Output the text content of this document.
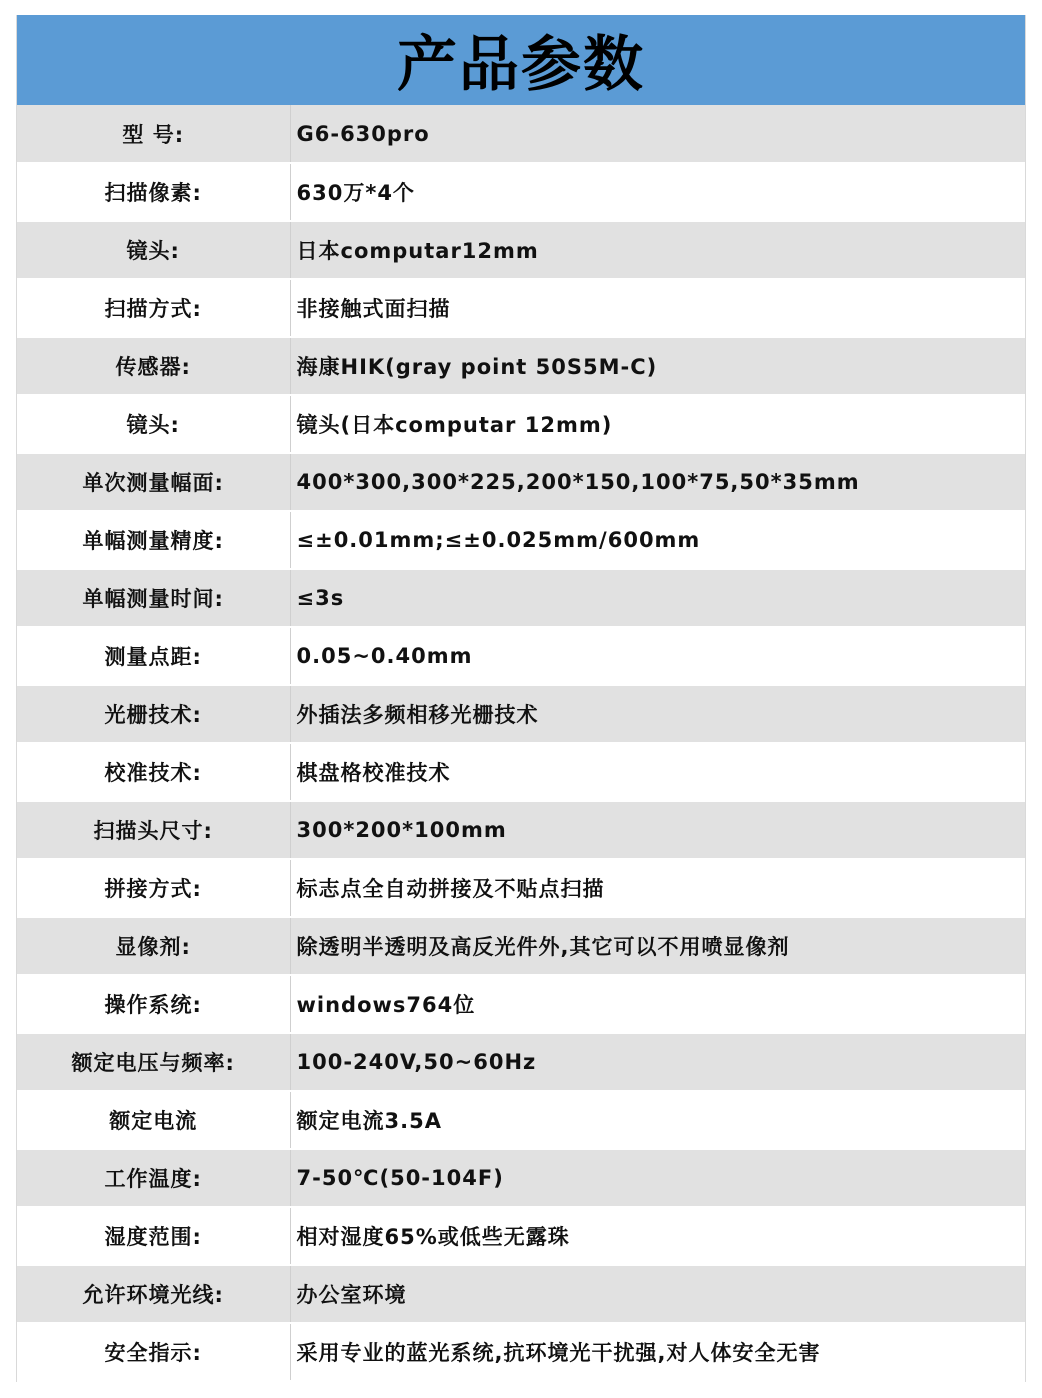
产品参数
型 号:	G6-630pro
扫描像素:	630万*4个
镜头:	日本computar12mm
扫描方式:	非接触式面扫描
传感器:	海康HIK(gray point 50S5M-C)
镜头:	镜头(日本computar 12mm)
单次测量幅面:	400*300,300*225,200*150,100*75,50*35mm
单幅测量精度:	≤±0.01mm;≤±0.025mm/600mm
单幅测量时间:	≤3s
测量点距:	0.05~0.40mm
光栅技术:	外插法多频相移光栅技术
校准技术:	棋盘格校准技术
扫描头尺寸:	300*200*100mm
拼接方式:	标志点全自动拼接及不贴点扫描
显像剂:	除透明半透明及高反光件外,其它可以不用喷显像剂
操作系统:	windows764位
额定电压与频率:	100-240V,50~60Hz
额定电流	额定电流3.5A
工作温度:	7-50℃(50-104F)
湿度范围:	相对湿度65%或低些无露珠
允许环境光线:	办公室环境
安全指示:	采用专业的蓝光系统,抗环境光干扰强,对人体安全无害
